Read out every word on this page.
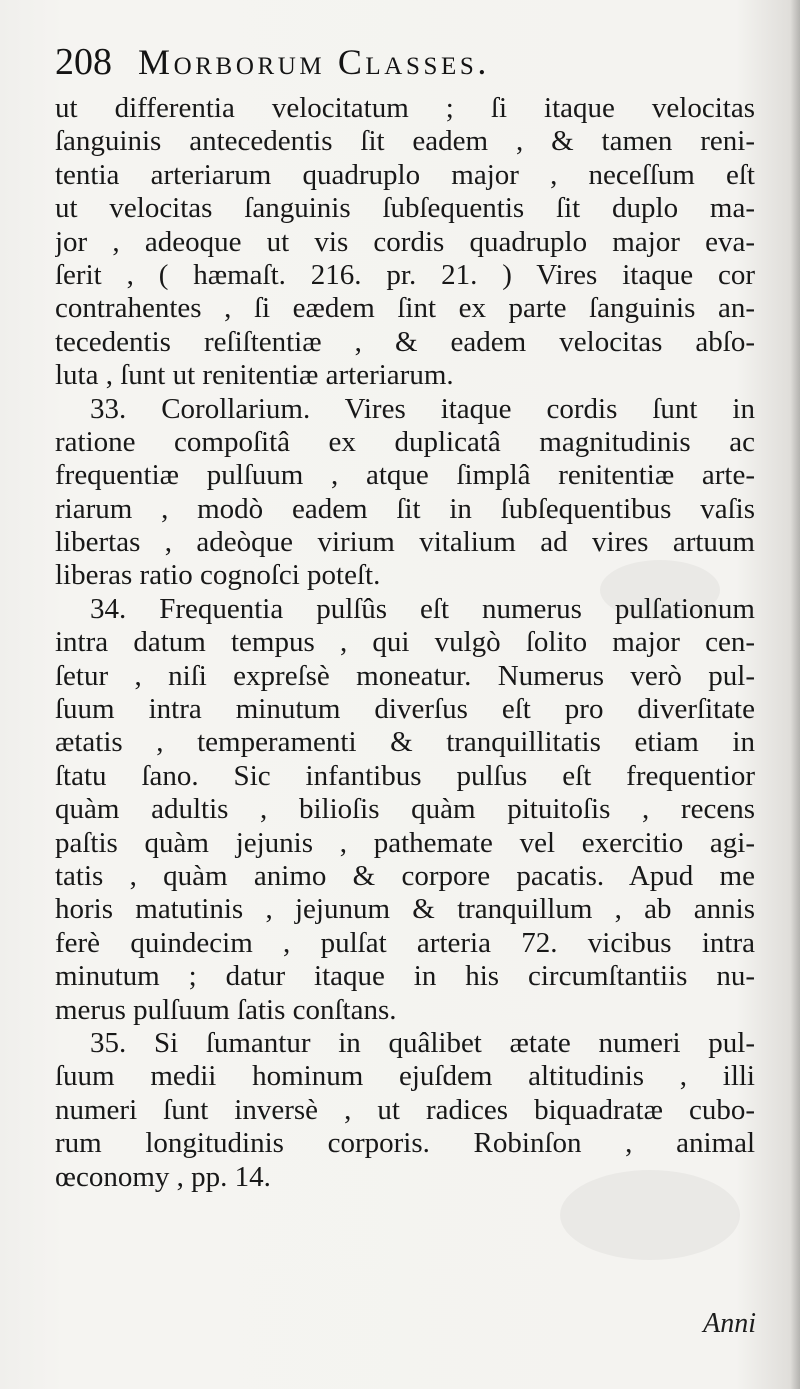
208 Morborum Classes.
ut differentia velocitatum ; ſi itaque velocitas
ſanguinis antecedentis ſit eadem , & tamen reni-
tentia arteriarum quadruplo major , neceſſum eſt
ut velocitas ſanguinis ſubſequentis ſit duplo ma-
jor , adeoque ut vis cordis quadruplo major eva-
ſerit , ( hæmaſt. 216. pr. 21. ) Vires itaque cor
contrahentes , ſi eædem ſint ex parte ſanguinis an-
tecedentis reſiſtentiæ , & eadem velocitas abſo-
luta , ſunt ut renitentiæ arteriarum.
33. Corollarium. Vires itaque cordis ſunt in
ratione compoſitâ ex duplicatâ magnitudinis ac
frequentiæ pulſuum , atque ſimplâ renitentiæ arte-
riarum , modò eadem ſit in ſubſequentibus vaſis
libertas , adeòque virium vitalium ad vires artuum
liberas ratio cognoſci poteſt.
34. Frequentia pulſûs eſt numerus pulſationum
intra datum tempus , qui vulgò ſolito major cen-
ſetur , niſi expreſsè moneatur. Numerus verò pul-
ſuum intra minutum diverſus eſt pro diverſitate
ætatis , temperamenti & tranquillitatis etiam in
ſtatu ſano. Sic infantibus pulſus eſt frequentior
quàm adultis , bilioſis quàm pituitoſis , recens
paſtis quàm jejunis , pathemate vel exercitio agi-
tatis , quàm animo & corpore pacatis. Apud me
horis matutinis , jejunum & tranquillum , ab annis
ferè quindecim , pulſat arteria 72. vicibus intra
minutum ; datur itaque in his circumſtantiis nu-
merus pulſuum ſatis conſtans.
35. Si ſumantur in quâlibet ætate numeri pul-
ſuum medii hominum ejuſdem altitudinis , illi
numeri ſunt inversè , ut radices biquadratæ cubo-
rum longitudinis corporis. Robinſon , animal
œconomy , pp. 14.
Anni
